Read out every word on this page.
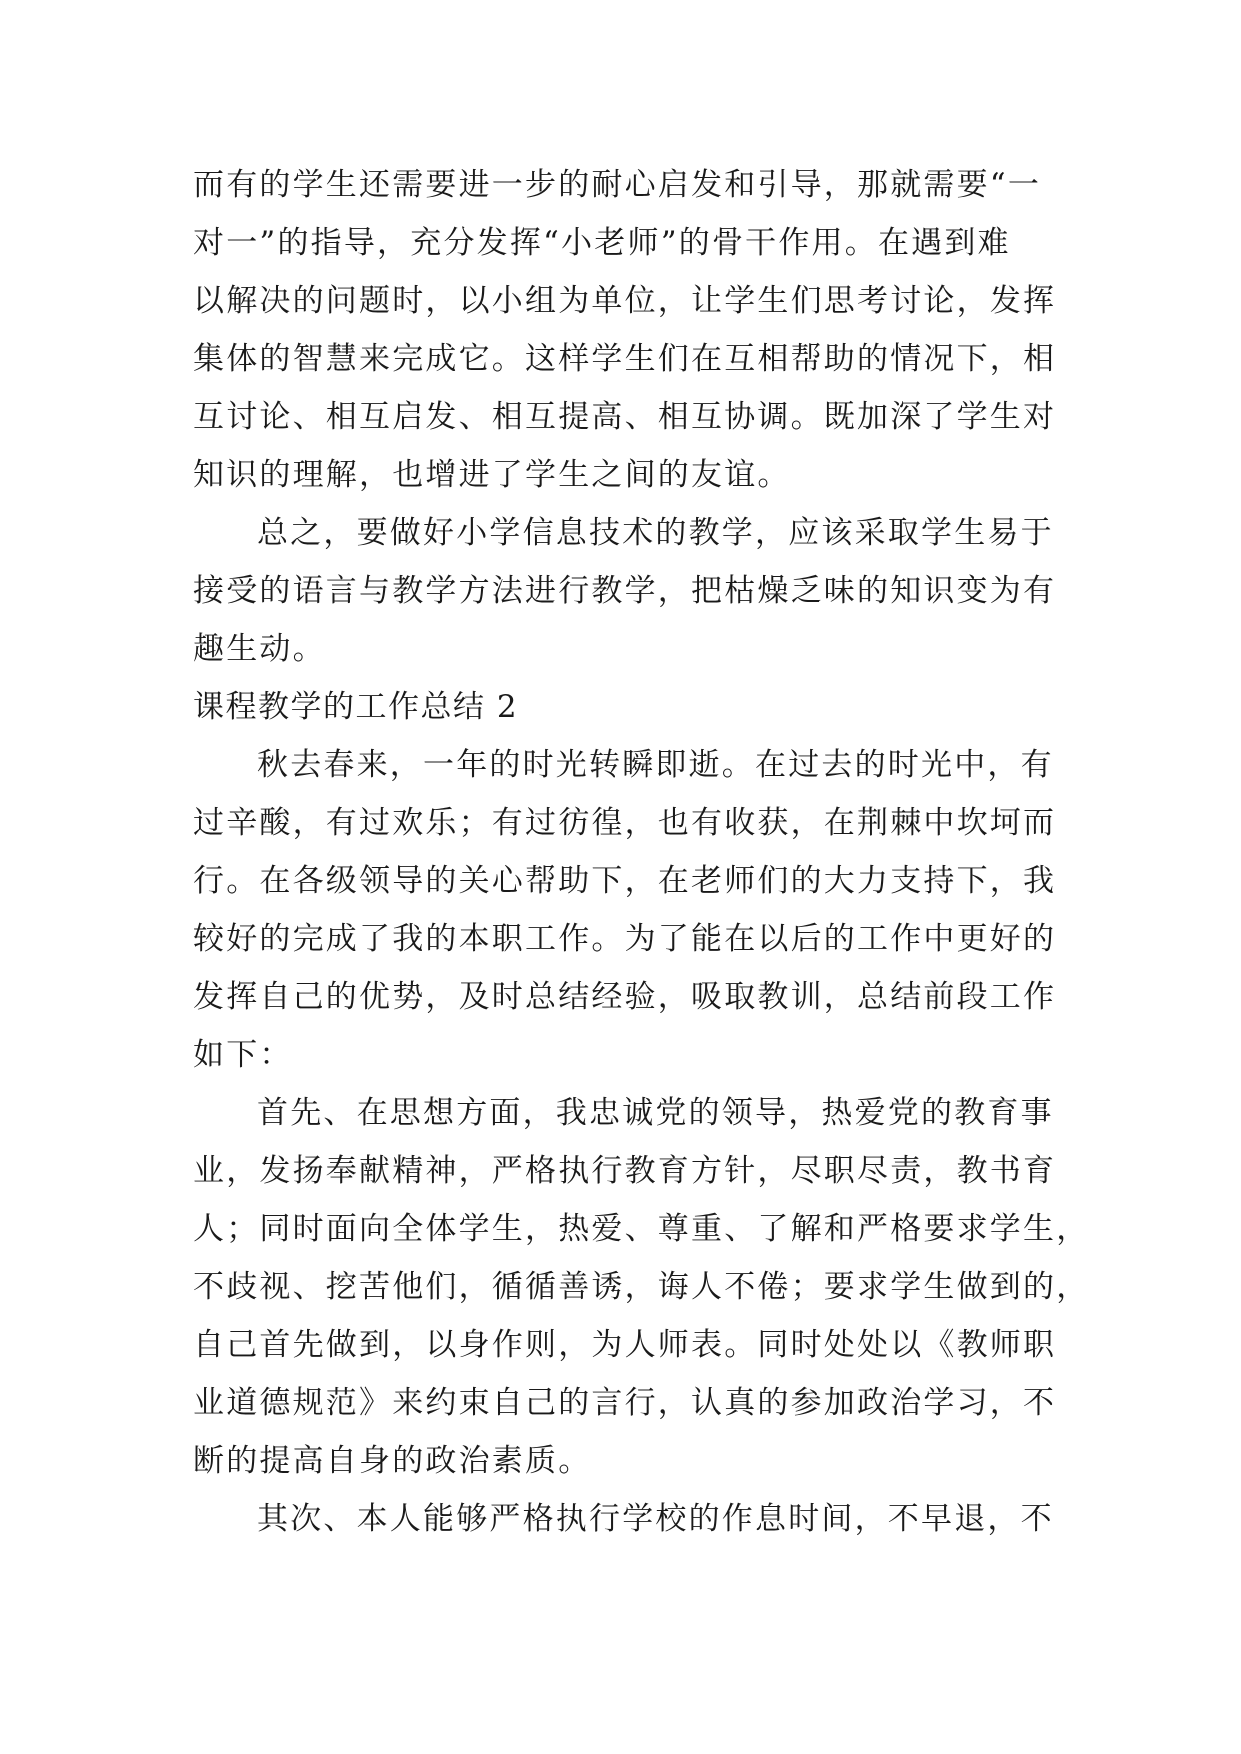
而有的学生还需要进一步的耐心启发和引导，那就需要“一
对一”的指导，充分发挥“小老师”的骨干作用。在遇到难
以解决的问题时，以小组为单位，让学生们思考讨论，发挥
集体的智慧来完成它。这样学生们在互相帮助的情况下，相
互讨论、相互启发、相互提高、相互协调。既加深了学生对
知识的理解，也增进了学生之间的友谊。
总之，要做好小学信息技术的教学，应该采取学生易于
接受的语言与教学方法进行教学，把枯燥乏味的知识变为有
趣生动。
课程教学的工作总结 2
秋去春来，一年的时光转瞬即逝。在过去的时光中，有
过辛酸，有过欢乐；有过彷徨，也有收获，在荆棘中坎坷而
行。在各级领导的关心帮助下，在老师们的大力支持下，我
较好的完成了我的本职工作。为了能在以后的工作中更好的
发挥自己的优势，及时总结经验，吸取教训，总结前段工作
如下：
首先、在思想方面，我忠诚党的领导，热爱党的教育事
业，发扬奉献精神，严格执行教育方针，尽职尽责，教书育
人；同时面向全体学生，热爱、尊重、了解和严格要求学生，
不歧视、挖苦他们，循循善诱，诲人不倦；要求学生做到的，
自己首先做到，以身作则，为人师表。同时处处以《教师职
业道德规范》来约束自己的言行，认真的参加政治学习，不
断的提高自身的政治素质。
其次、本人能够严格执行学校的作息时间，不早退，不
